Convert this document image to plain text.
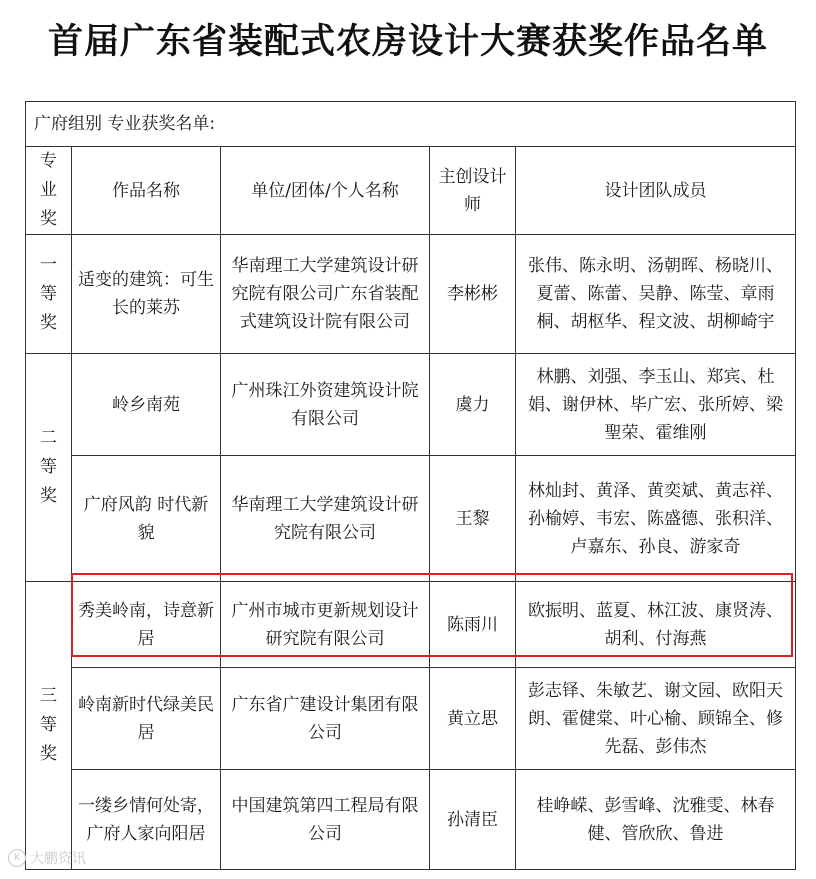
首届广东省装配式农房设计大赛获奖作品名单
广府组别 专业获奖名单:				

专
业
奖	作品名称	单位/团体/个人名称	主创设计师	设计团队成员

一
等
奖	适变的建筑：可生长的莱苏	华南理工大学建筑设计研究院有限公司广东省装配式建筑设计院有限公司	李彬彬	张伟、陈永明、汤朝晖、杨晓川、夏蕾、陈蕾、吴静、陈莹、章雨桐、胡枢华、程文波、胡柳崎宇

二
等
奖	岭乡南苑	广州珠江外资建筑设计院有限公司	虞力	林鹏、刘强、李玉山、郑宾、杜娟、谢伊林、毕广宏、张所婷、梁聖荣、霍维刚
	广府风韵 时代新貌	华南理工大学建筑设计研究院有限公司	王黎	林灿封、黄泽、黄奕斌、黄志祥、孙榆婷、韦宏、陈盛德、张积洋、卢嘉东、孙良、游家奇

三
等
奖	秀美岭南，诗意新居	广州市城市更新规划设计研究院有限公司	陈雨川	欧振明、蓝夏、林江波、康贤涛、胡利、付海燕
	岭南新时代绿美民居	广东省广建设计集团有限公司	黄立思	彭志铎、朱敏艺、谢文园、欧阳天朗、霍健棠、叶心榆、顾锦全、修先磊、彭伟杰
	一缕乡情何处寄，广府人家向阳居	中国建筑第四工程局有限公司	孙清臣	桂峥嵘、彭雪峰、沈雅雯、林春健、管欣欣、鲁进
K 大鹏资讯
